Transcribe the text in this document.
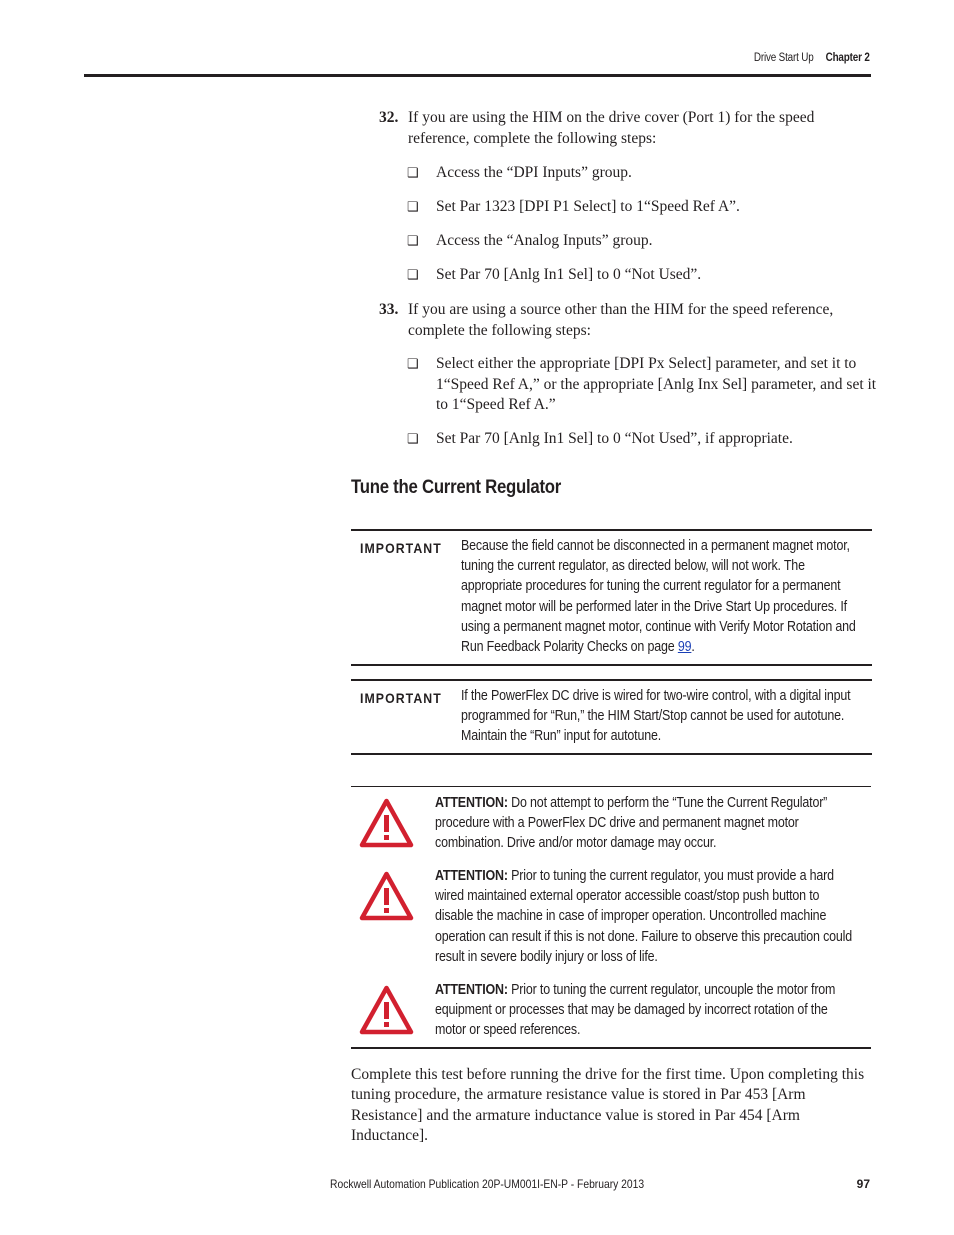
Drive Start Up Chapter 2
32. If you are using the HIM on the drive cover (Port 1) for the speed reference, complete the following steps:
❑ Access the “DPI Inputs” group.
❑ Set Par 1323 [DPI P1 Select] to 1“Speed Ref A”.
❑ Access the “Analog Inputs” group.
❑ Set Par 70 [Anlg In1 Sel] to 0 “Not Used”.
33. If you are using a source other than the HIM for the speed reference, complete the following steps:
❑ Select either the appropriate [DPI Px Select] parameter, and set it to 1“Speed Ref A,” or the appropriate [Anlg Inx Sel] parameter, and set it to 1“Speed Ref A.”
❑ Set Par 70 [Anlg In1 Sel] to 0 “Not Used”, if appropriate.
Tune the Current Regulator
IMPORTANT Because the field cannot be disconnected in a permanent magnet motor, tuning the current regulator, as directed below, will not work. The appropriate procedures for tuning the current regulator for a permanent magnet motor will be performed later in the Drive Start Up procedures. If using a permanent magnet motor, continue with Verify Motor Rotation and Run Feedback Polarity Checks on page 99.
IMPORTANT If the PowerFlex DC drive is wired for two-wire control, with a digital input programmed for “Run,” the HIM Start/Stop cannot be used for autotune. Maintain the “Run” input for autotune.
ATTENTION: Do not attempt to perform the “Tune the Current Regulator” procedure with a PowerFlex DC drive and permanent magnet motor combination. Drive and/or motor damage may occur.
ATTENTION: Prior to tuning the current regulator, you must provide a hard wired maintained external operator accessible coast/stop push button to disable the machine in case of improper operation. Uncontrolled machine operation can result if this is not done. Failure to observe this precaution could result in severe bodily injury or loss of life.
ATTENTION: Prior to tuning the current regulator, uncouple the motor from equipment or processes that may be damaged by incorrect rotation of the motor or speed references.
Complete this test before running the drive for the first time. Upon completing this tuning procedure, the armature resistance value is stored in Par 453 [Arm Resistance] and the armature inductance value is stored in Par 454 [Arm Inductance].
Rockwell Automation Publication 20P-UM001I-EN-P - February 2013	97
